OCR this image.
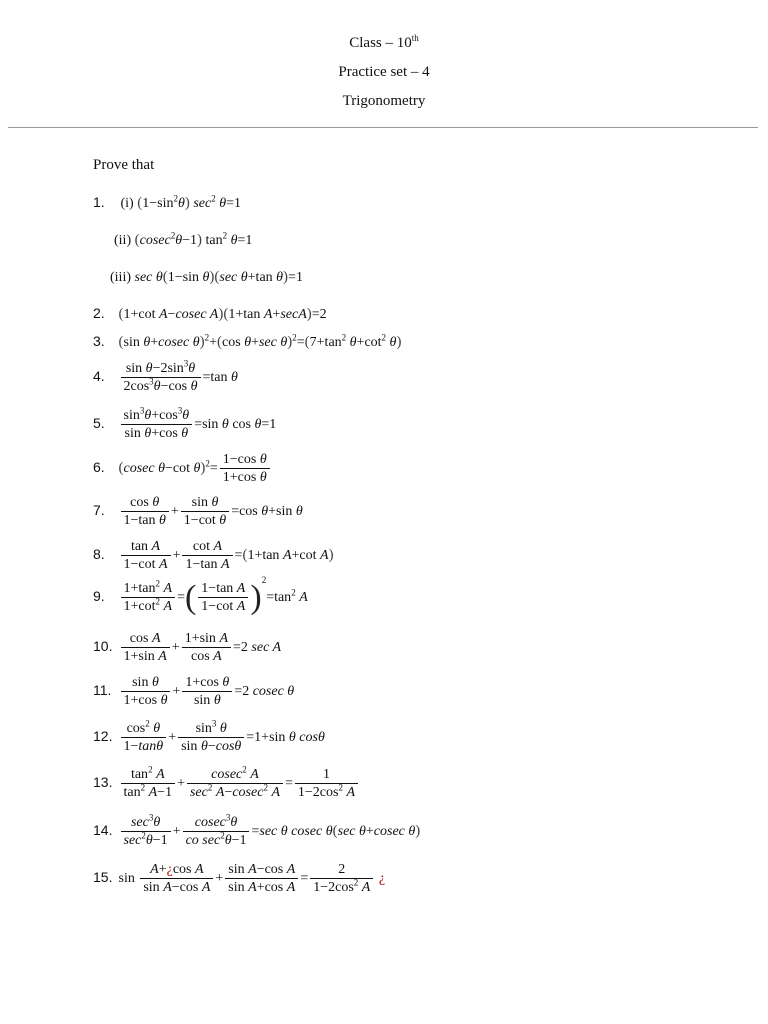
Class – 10th
Practice set – 4
Trigonometry
Prove that
1. (i) $(1-\sin^2\theta)$ $\sec^2 \theta=1$
(ii) (cosec$^2$θ−1) $\tan^2 \theta=1$
(iii) sec θ(1−sin θ)(sec θ+tan θ)=1
2. (1+cot A−cosec A)(1+tan A+secA)=2
3. (sin θ+cosec θ)$^2$+(cos θ+sec $\theta)^2=(7+\tan^2$ $\theta+\cot^2$ θ)
4. $\frac{\sin \theta-2\sin^3\theta}{2\cos^3\theta-\cos \theta} =\tan$ θ
5. $\frac{\sin^3\theta+\cos^3\theta}{\text{sin θ+cos θ}} =\sin$ θ cos θ=1
6. (cosec θ−cot $\theta)^2= \frac{\text{1−cos θ}}{\text{1+cos θ}}$
7. $\frac{\text{cos θ}}{\text{1−tan θ}} + \frac{\text{sin θ}}{\text{1−cot θ}} =\cos$ θ+sin θ
8. $\frac{\text{tan A}}{\text{1−cot A}} + \frac{\text{cot A}}{\text{1−tan A}} =(1+\tan$ A+cot A)
9. $\frac{1+\tan^2 A}{1+\cot^2 A}$ =( $\frac{\text{1−tan A}}{\text{1−cot A}} )^2=\tan^2$ A
10. $\frac{\text{cos A}}{\text{1+sin A}} + \frac{\text{1+sin A}}{\text{cos A}} =2$ sec A
11. $\frac{\text{sin θ}}{\text{1+cos θ}} + \frac{\text{1+cos θ}}{\text{sin θ}} =2$ cosec θ
12. $\frac{\cos^2 \theta}{1-\tan\theta} + \frac{\sin^3 \theta}{\text{sin θ−cosθ}} =1+\sin$ θ cosθ
13. $\frac{\tan^2 A}{\tan^2 A-1} + \frac{cosec^2 A}{\sec^2 A-cosec^2 A} = \frac{1}{1-2\cos^2 A}$
14. $\frac{\sec^3\theta}{\sec^2\theta-1} + \frac{cosec^3\theta}{co \sec^2\theta-1} =\sec$ θ cosec θ(sec θ+cosec θ)
15. $\sin \frac{\text{A+¿cos A}}{\text{sin A−cos A}} + \frac{\text{sin A−cos A}}{\text{sin A+cos A}} = \frac{2}{1-2\cos^2 A}$ ¿
